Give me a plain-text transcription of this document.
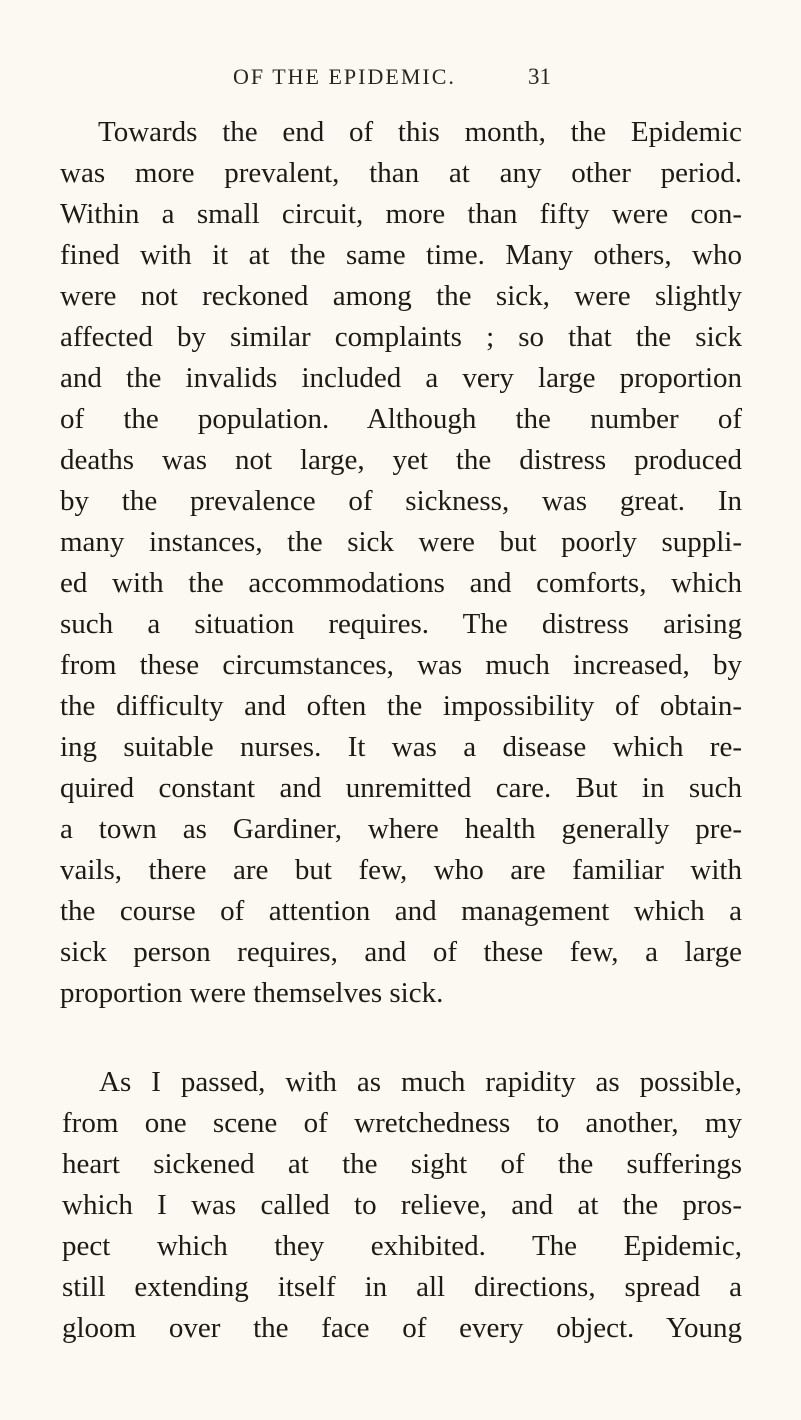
OF THE EPIDEMIC.	31
Towards the end of this month, the Epidemic
was more prevalent, than at any other period.
Within a small circuit, more than fifty were con-
fined with it at the same time. Many others, who
were not reckoned among the sick, were slightly
affected by similar complaints ; so that the sick
and the invalids included a very large proportion
of the population. Although the number of
deaths was not large, yet the distress produced
by the prevalence of sickness, was great. In
many instances, the sick were but poorly suppli-
ed with the accommodations and comforts, which
such a situation requires. The distress arising
from these circumstances, was much increased, by
the difficulty and often the impossibility of obtain-
ing suitable nurses. It was a disease which re-
quired constant and unremitted care. But in such
a town as Gardiner, where health generally pre-
vails, there are but few, who are familiar with
the course of attention and management which a
sick person requires, and of these few, a large
proportion were themselves sick.
As I passed, with as much rapidity as possible,
from one scene of wretchedness to another, my
heart sickened at the sight of the sufferings
which I was called to relieve, and at the pros-
pect which they exhibited. The Epidemic,
still extending itself in all directions, spread a
gloom over the face of every object. Young
